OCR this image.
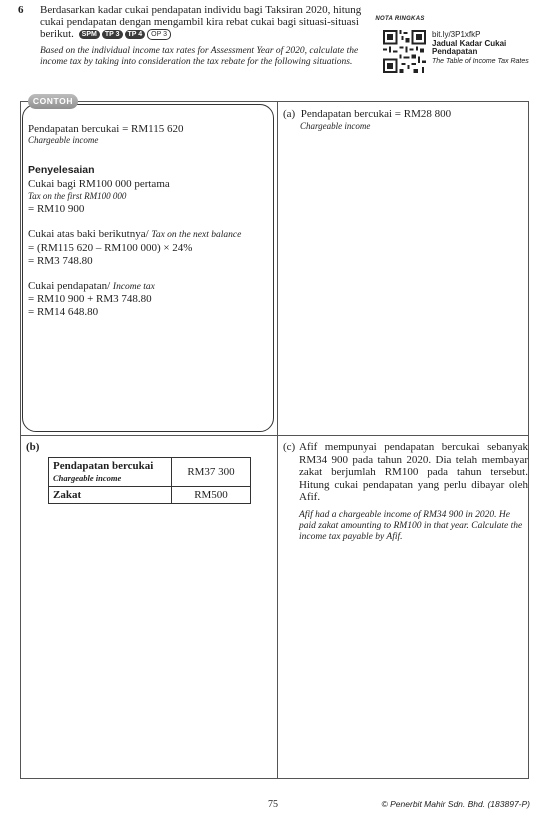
6 Berdasarkan kadar cukai pendapatan individu bagi Taksiran 2020, hitung cukai pendapatan dengan mengambil kira rebat cukai bagi situasi-situasi berikut. SPM TP 3 TP 4 OP 3
Based on the individual income tax rates for Assessment Year of 2020, calculate the income tax by taking into consideration the tax rebate for the following situations.
NOTA RINGKAS
bit.ly/3P1xfkP
Jadual Kadar Cukai Pendapatan
The Table of Income Tax Rates
CONTOH
Pendapatan bercukai = RM115 620
Chargeable income
Penyelesaian
Cukai bagi RM100 000 pertama
Tax on the first RM100 000
= RM10 900
Cukai atas baki berikutnya/ Tax on the next balance
= (RM115 620 – RM100 000) × 24%
= RM3 748.80
Cukai pendapatan/ Income tax
= RM10 900 + RM3 748.80
= RM14 648.80
(a) Pendapatan bercukai = RM28 800
Chargeable income
(b)
Pendapatan bercukai
Chargeable income	RM37 300
Zakat	RM500
(c) Afif mempunyai pendapatan bercukai sebanyak RM34 900 pada tahun 2020. Dia telah membayar zakat berjumlah RM100 pada tahun tersebut. Hitung cukai pendapatan yang perlu dibayar oleh Afif.
Afif had a chargeable income of RM34 900 in 2020. He paid zakat amounting to RM100 in that year. Calculate the income tax payable by Afif.
75	© Penerbit Mahir Sdn. Bhd. (183897-P)
